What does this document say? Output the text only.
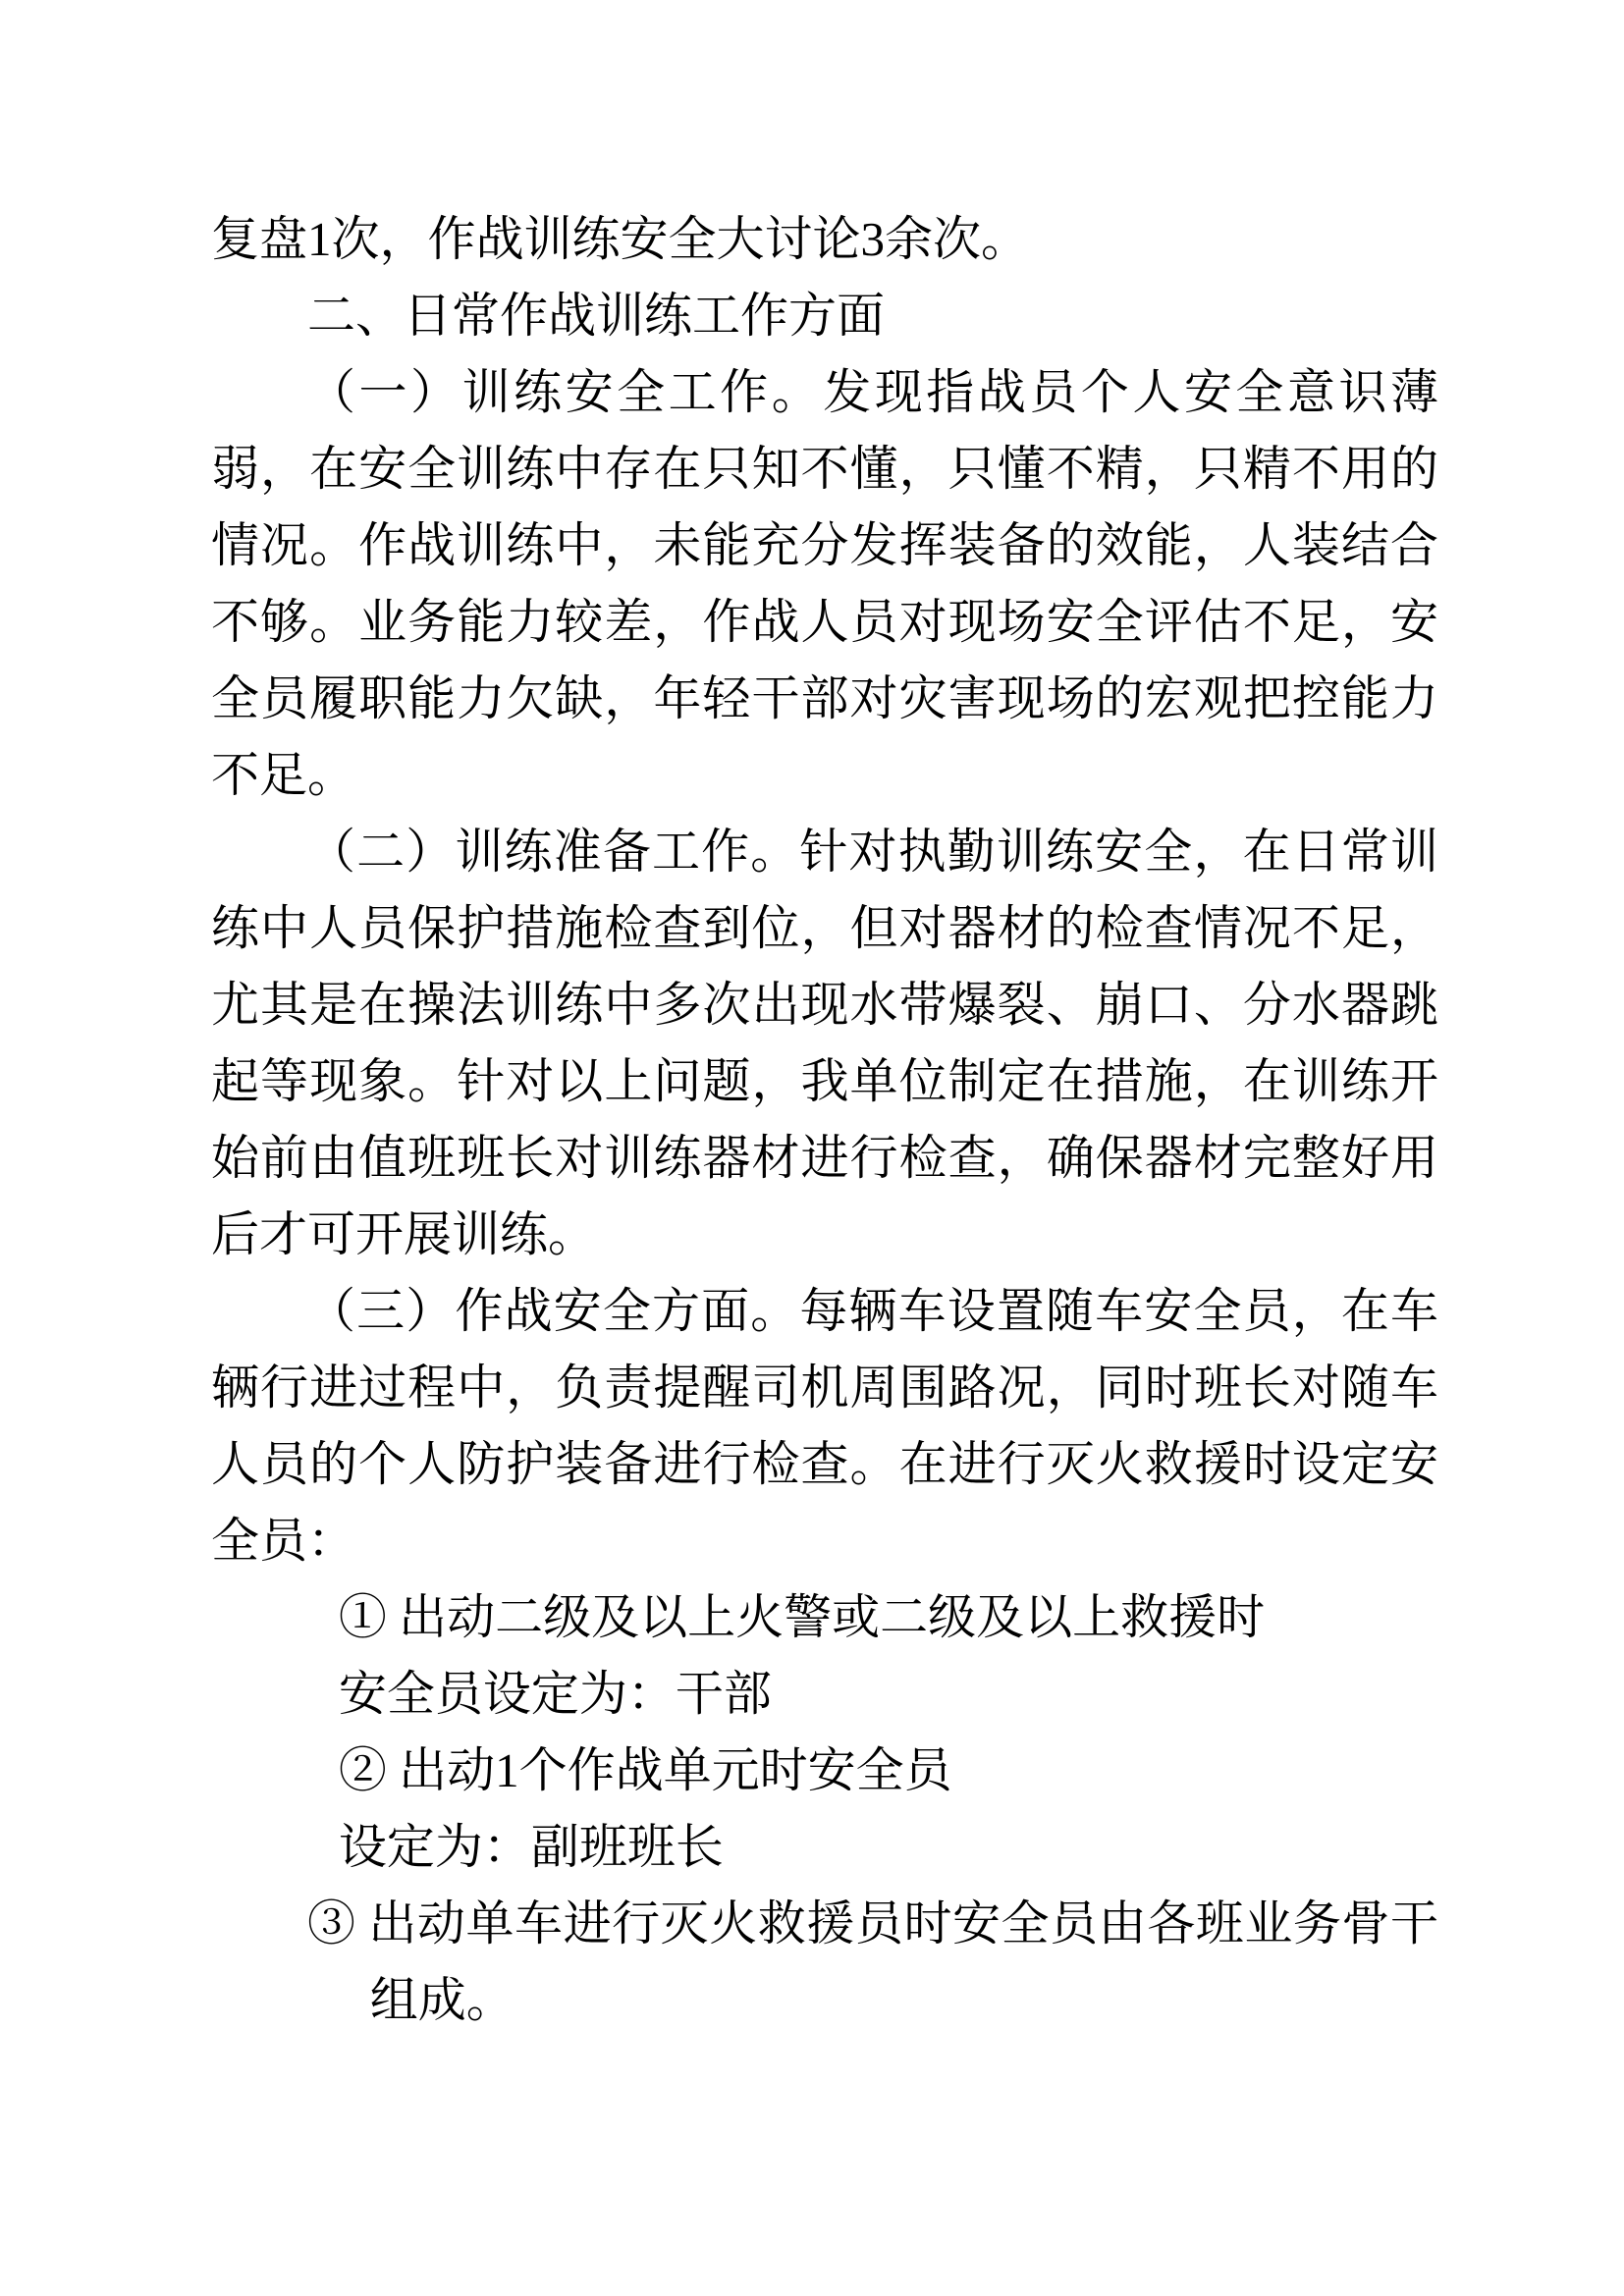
复盘1次，作战训练安全大讨论3余次。
二、日常作战训练工作方面
（一）训练安全工作。发现指战员个人安全意识薄弱，在安全训练中存在只知不懂，只懂不精，只精不用的情况。作战训练中，未能充分发挥装备的效能，人装结合不够。业务能力较差，作战人员对现场安全评估不足，安全员履职能力欠缺，年轻干部对灾害现场的宏观把控能力不足。
（二）训练准备工作。针对执勤训练安全，在日常训练中人员保护措施检查到位，但对器材的检查情况不足，尤其是在操法训练中多次出现水带爆裂、崩口、分水器跳起等现象。针对以上问题，我单位制定在措施，在训练开始前由值班班长对训练器材进行检查，确保器材完整好用后才可开展训练。
（三）作战安全方面。每辆车设置随车安全员，在车辆行进过程中，负责提醒司机周围路况，同时班长对随车人员的个人防护装备进行检查。在进行灭火救援时设定安全员：
① 出动二级及以上火警或二级及以上救援时
安全员设定为：干部
② 出动1个作战单元时安全员
设定为：副班班长
③ 出动单车进行灭火救援员时安全员由各班业务骨干组成。
